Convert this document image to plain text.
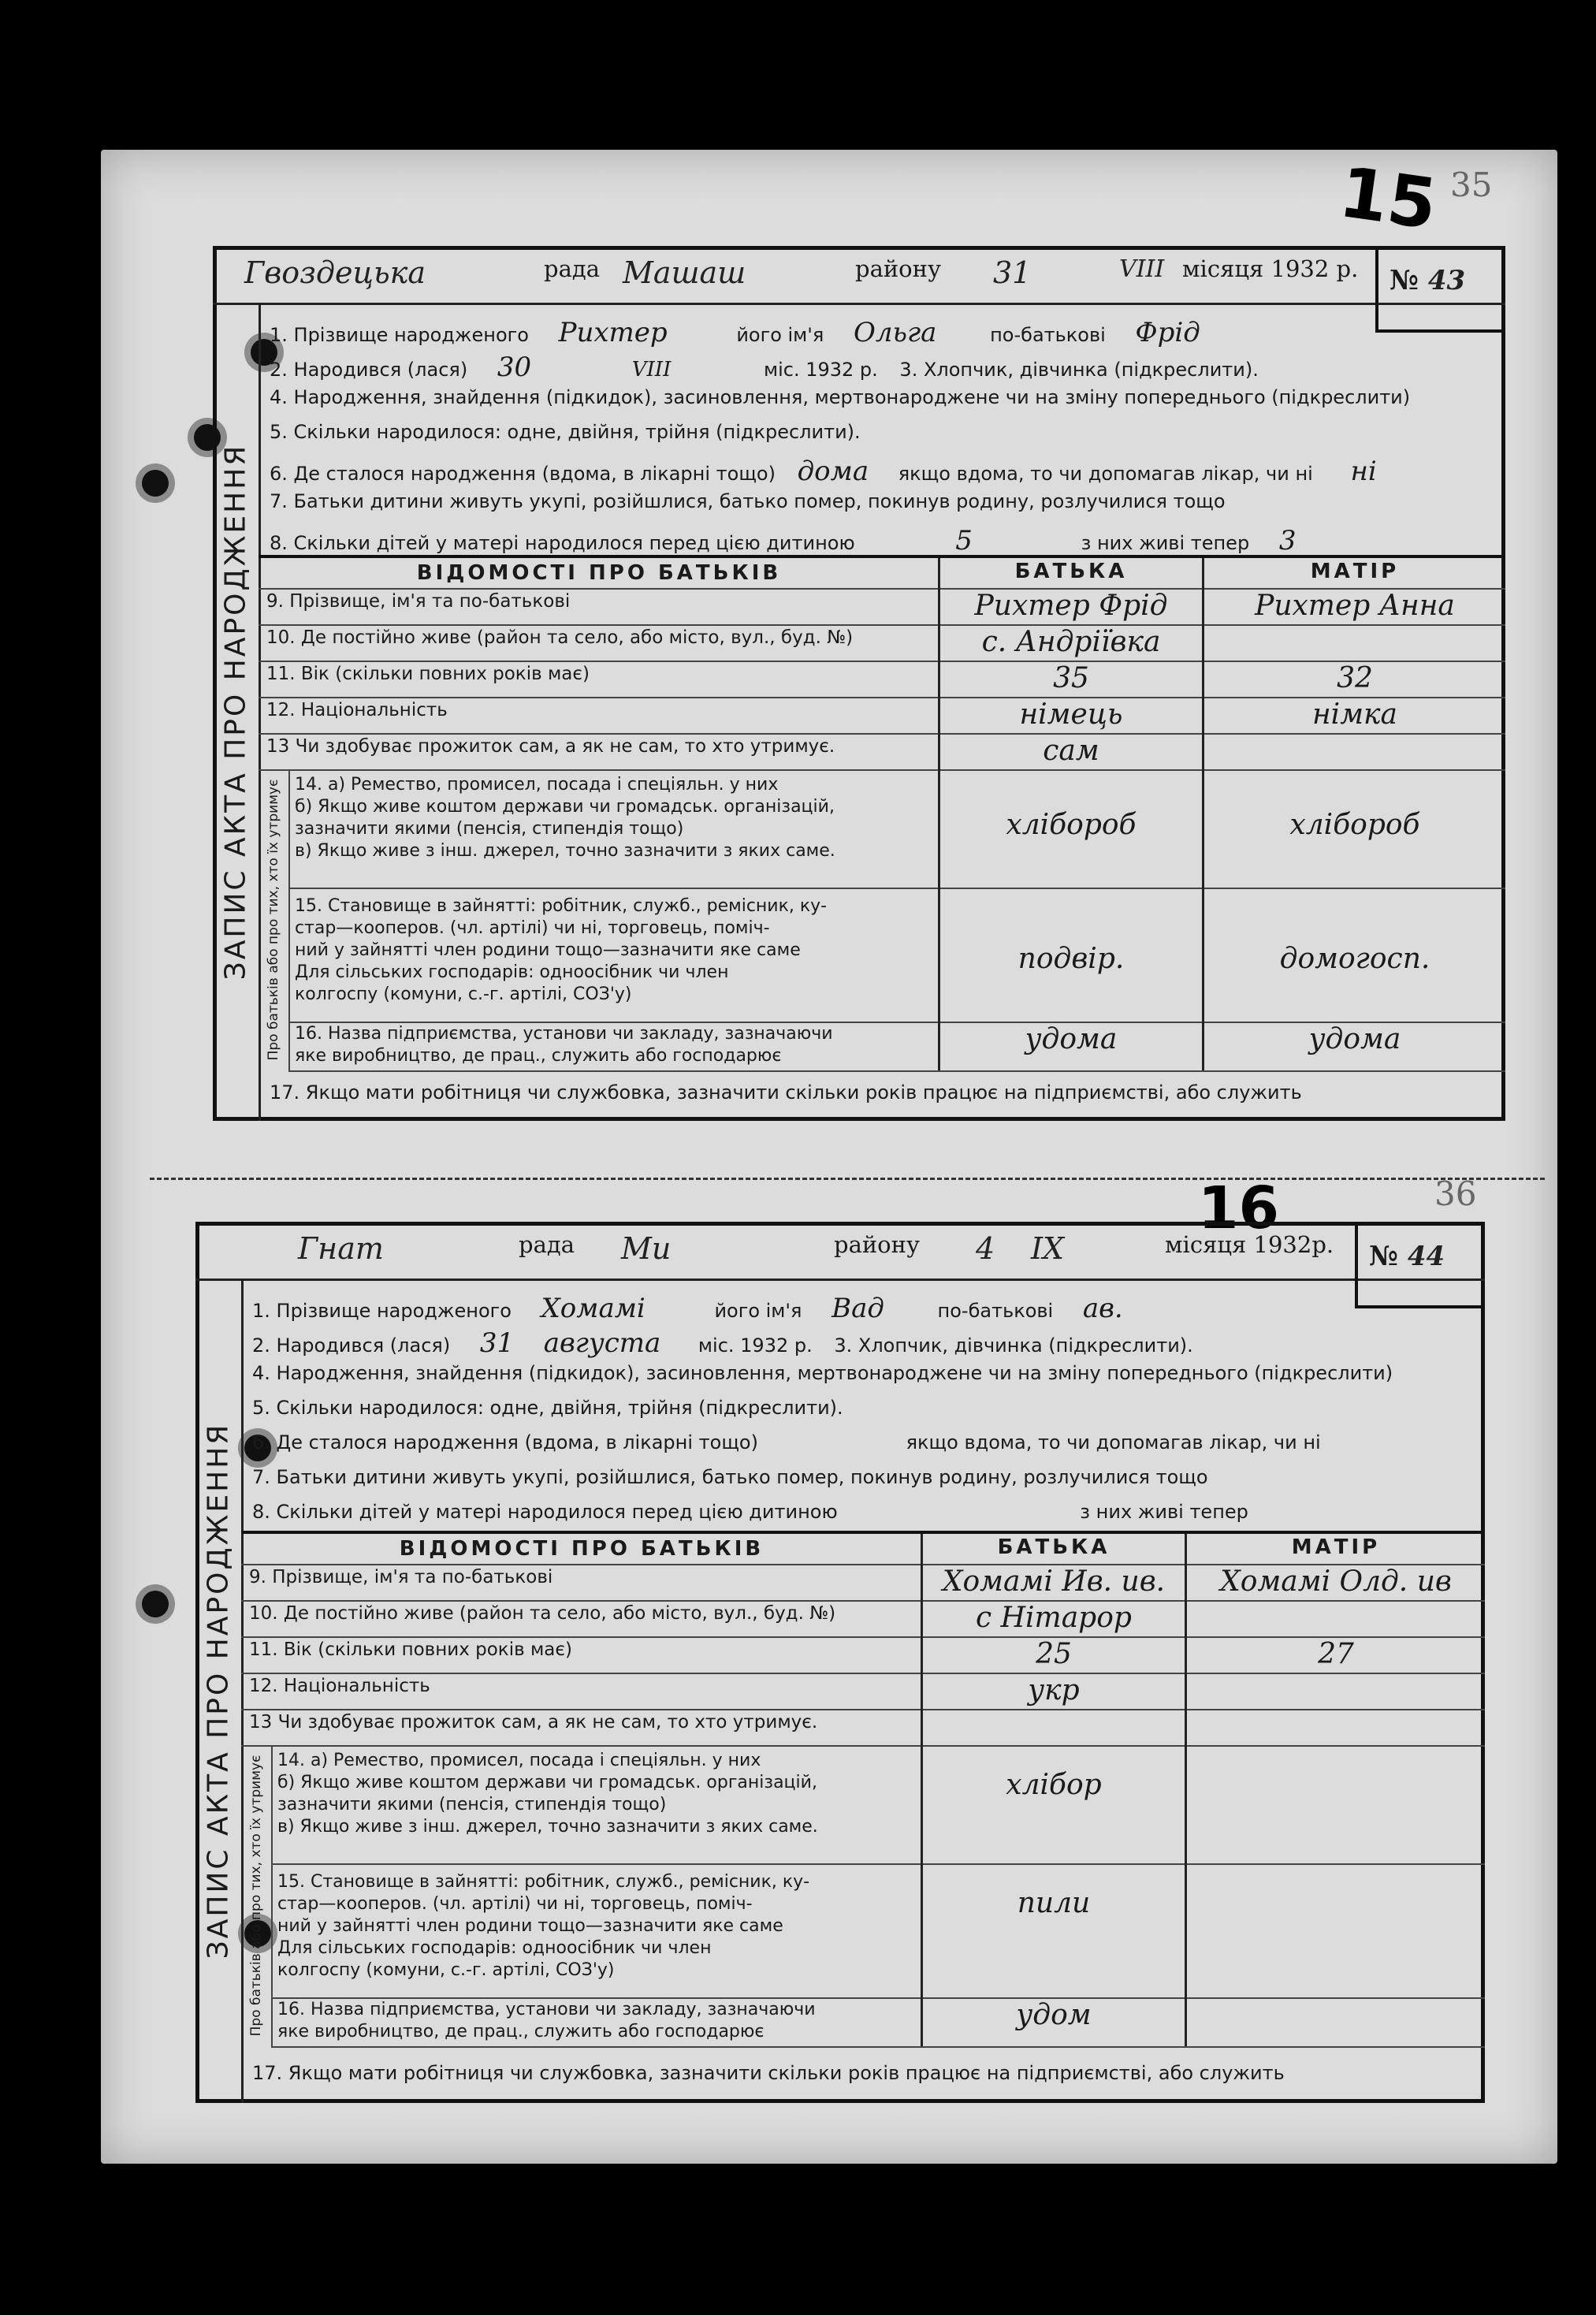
15 35
16	36
Гвоздецька	рада Машаш	району 31	VIII місяця 1932 р.	№ 43
ЗАПИС АКТА ПРО НАРОДЖЕННЯ
1. Прізвище народженого Рихтер	його ім'я Ольга	по-батькові Фрід
2. Народився (лася) 30	VIII	міс. 1932 р. 3. Хлопчик, дівчинка (підкреслити).
4. Народження, знайдення (підкидок), засиновлення, мертвонароджене чи на зміну попереднього (підкреслити)
5. Скільки народилося: одне, двійня, трійня (підкреслити).
6. Де сталося народження (вдома, в лікарні тощо) дома якщо вдома, то чи допомагав лікар, чи ні ні
7. Батьки дитини живуть укупі, розійшлися, батько помер, покинув родину, розлучилися тощо
8. Скільки дітей у матері народилося перед цією дитиною	5	з них живі тепер 3
ВІДОМОСТІ ПРО БАТЬКІВ	БАТЬКА	МАТІР
9. Прізвище, ім'я та по-батькові	Рихтер Фрід	Рихтер Анна
10. Де постійно живе (район та село, або місто, вул., буд. №)	с. Андріївка
11. Вік (скільки повних років має)	35	32
12. Національність	німець	німка
13 Чи здобуває прожиток сам, а як не сам, то хто утримує.	сам
Про батьків або про тих, хто їх утримує 14. а) Ремество, промисел, посада і спеціяльн. у них
б) Якщо живе коштом держави чи громадськ. організацій,
зазначити якими (пенсія, стипендія тощо)
в) Якщо живе з інш. джерел, точно зазначити з яких саме.
хлібороб	хлібороб
15. Становище в зайнятті: робітник, служб., ремісник, ку-
стар—кооперов. (чл. артілі) чи ні, торговець, поміч-
ний у зайнятті член родини тощо—зазначити яке саме
Для сільських господарів: одноосібник чи член
колгоспу (комуни, с.-г. артілі, СОЗ'у)
подвір.	домогосп.
16. Назва підприємства, установи чи закладу, зазначаючи
яке виробництво, де прац., служить або господарює
удома	удома
17. Якщо мати робітниця чи службовка, зазначити скільки років працює на підприємстві, або служить
Гнат	рада Ми	району 4 IX	місяця 1932р.	№ 44
ЗАПИС АКТА ПРО НАРОДЖЕННЯ
1. Прізвище народженого Хомамі	його ім'я Вад	по-батькові ав.
2. Народився (лася) 31 августа міс. 1932 р. 3. Хлопчик, дівчинка (підкреслити).
4. Народження, знайдення (підкидок), засиновлення, мертвонароджене чи на зміну попереднього (підкреслити)
5. Скільки народилося: одне, двійня, трійня (підкреслити).
6. Де сталося народження (вдома, в лікарні тощо)	якщо вдома, то чи допомагав лікар, чи ні
7. Батьки дитини живуть укупі, розійшлися, батько помер, покинув родину, розлучилися тощо
8. Скільки дітей у матері народилося перед цією дитиною	з них живі тепер
ВІДОМОСТІ ПРО БАТЬКІВ	БАТЬКА	МАТІР
9. Прізвище, ім'я та по-батькові	Хомамі Ив. ив.	Хомамі Олд. ив
10. Де постійно живе (район та село, або місто, вул., буд. №)	с Нітарор
11. Вік (скільки повних років має)	25	27
12. Національність	укр
13 Чи здобуває прожиток сам, а як не сам, то хто утримує.
Про батьків або про тих, хто їх утримує 14. а) Ремество, промисел, посада і спеціяльн. у них
б) Якщо живе коштом держави чи громадськ. організацій,
зазначити якими (пенсія, стипендія тощо)
в) Якщо живе з інш. джерел, точно зазначити з яких саме.
хлібор
15. Становище в зайнятті: робітник, служб., ремісник, ку-
стар—кооперов. (чл. артілі) чи ні, торговець, поміч-
ний у зайнятті член родини тощо—зазначити яке саме
Для сільських господарів: одноосібник чи член
колгоспу (комуни, с.-г. артілі, СОЗ'у)
пили
16. Назва підприємства, установи чи закладу, зазначаючи
яке виробництво, де прац., служить або господарює
удом
17. Якщо мати робітниця чи службовка, зазначити скільки років працює на підприємстві, або служить
